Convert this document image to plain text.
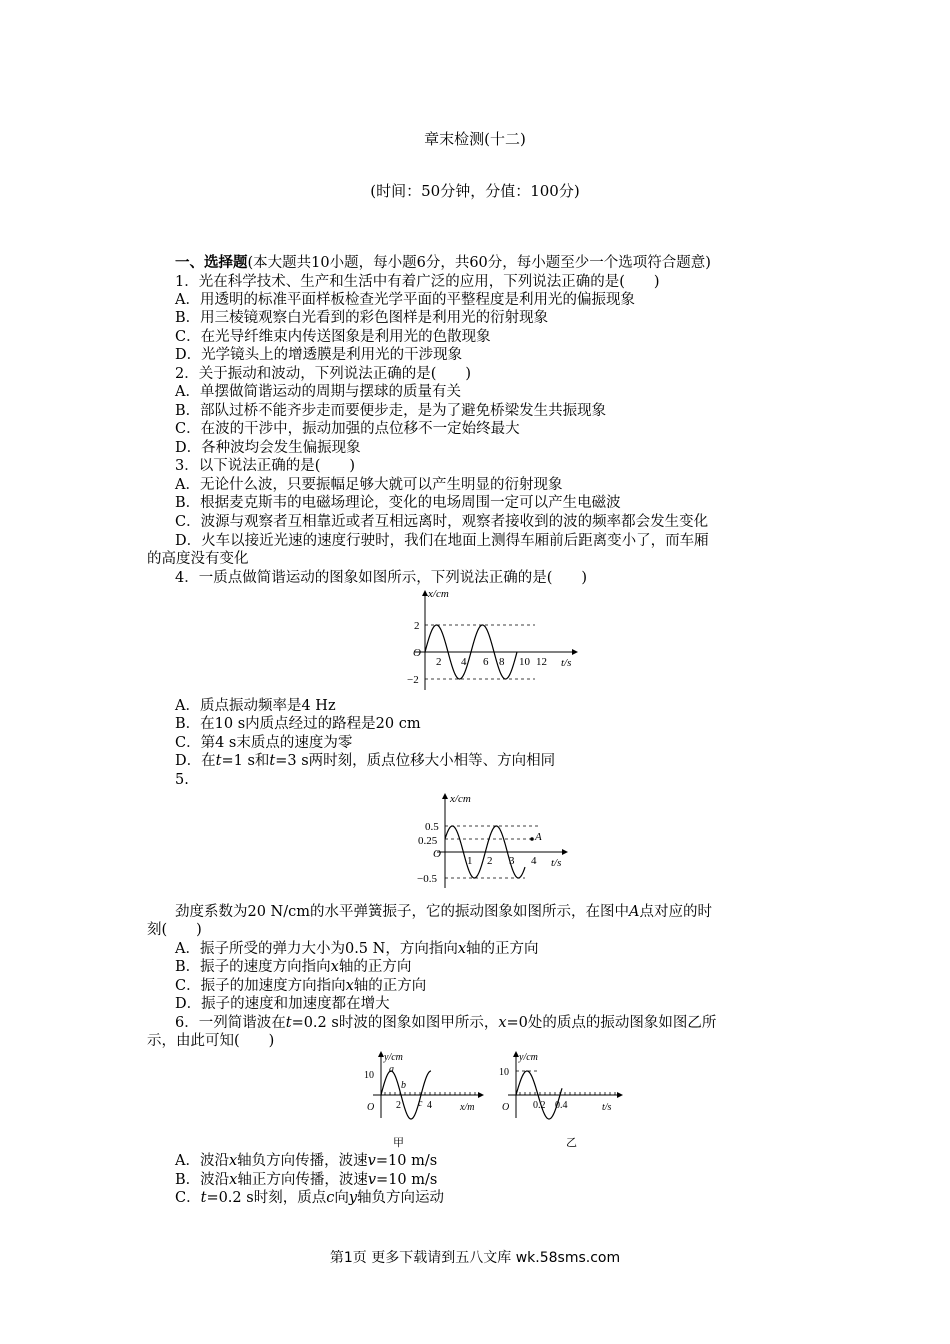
章末检测(十二)
(时间：50分钟，分值：100分)
一、选择题(本大题共10小题，每小题6分，共60分，每小题至少一个选项符合题意)
1．光在科学技术、生产和生活中有着广泛的应用，下列说法正确的是(　　)
A．用透明的标准平面样板检查光学平面的平整程度是利用光的偏振现象
B．用三棱镜观察白光看到的彩色图样是利用光的衍射现象
C．在光导纤维束内传送图象是利用光的色散现象
D．光学镜头上的增透膜是利用光的干涉现象
2．关于振动和波动，下列说法正确的是(　　)
A．单摆做简谐运动的周期与摆球的质量有关
B．部队过桥不能齐步走而要便步走，是为了避免桥梁发生共振现象
C．在波的干涉中，振动加强的点位移不一定始终最大
D．各种波均会发生偏振现象
3．以下说法正确的是(　　)
A．无论什么波，只要振幅足够大就可以产生明显的衍射现象
B．根据麦克斯韦的电磁场理论，变化的电场周围一定可以产生电磁波
C．波源与观察者互相靠近或者互相远离时，观察者接收到的波的频率都会发生变化
D．火车以接近光速的速度行驶时，我们在地面上测得车厢前后距离变小了，而车厢
的高度没有变化
4．一质点做简谐运动的图象如图所示，下列说法正确的是(　　)
x/cm
t/s
O
2
−2
2 4 6 8 10 12
A．质点振动频率是4 Hz
B．在10 s内质点经过的路程是20 cm
C．第4 s末质点的速度为零
D．在t=1 s和t=3 s两时刻，质点位移大小相等、方向相同
5.
x/cm
t/s
O
0.5
0.25
−0.5
1 2 3 4
A
劲度系数为20 N/cm的水平弹簧振子，它的振动图象如图所示，在图中A点对应的时
刻(　　)
A．振子所受的弹力大小为0.5 N，方向指向x轴的正方向
B．振子的速度方向指向x轴的正方向
C．振子的加速度方向指向x轴的正方向
D．振子的速度和加速度都在增大
6．一列简谐波在t=0.2 s时波的图象如图甲所示，x=0处的质点的振动图象如图乙所
示，由此可知(　　)
y/cm
x/m
O
10
2	4
a
b
c
甲
y/cm
t/s
O
10
0.2 0.4
乙
A．波沿x轴负方向传播，波速v=10 m/s
B．波沿x轴正方向传播，波速v=10 m/s
C．t=0.2 s时刻，质点c向y轴负方向运动
第1页 更多下载请到五八文库 wk.58sms.com
